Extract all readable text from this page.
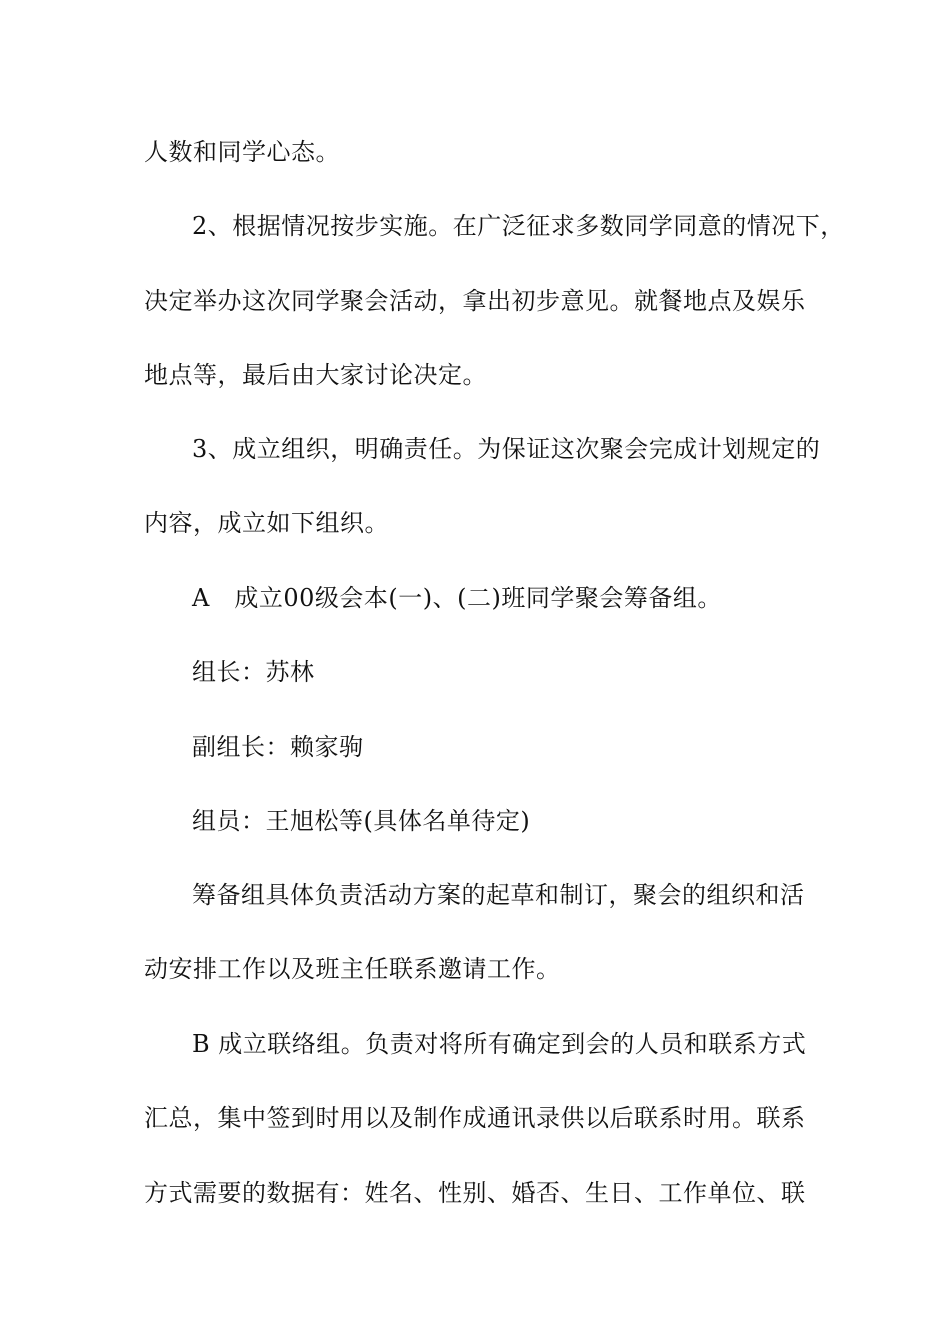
人数和同学心态。
2、根据情况按步实施。在广泛征求多数同学同意的情况下，
决定举办这次同学聚会活动，拿出初步意见。就餐地点及娱乐
地点等，最后由大家讨论决定。
3、成立组织，明确责任。为保证这次聚会完成计划规定的
内容，成立如下组织。
A　成立00级会本(一)、(二)班同学聚会筹备组。
组长：苏林
副组长：赖家驹
组员：王旭松等(具体名单待定)
筹备组具体负责活动方案的起草和制订，聚会的组织和活
动安排工作以及班主任联系邀请工作。
B 成立联络组。负责对将所有确定到会的人员和联系方式
汇总，集中签到时用以及制作成通讯录供以后联系时用。联系
方式需要的数据有：姓名、性别、婚否、生日、工作单位、联
